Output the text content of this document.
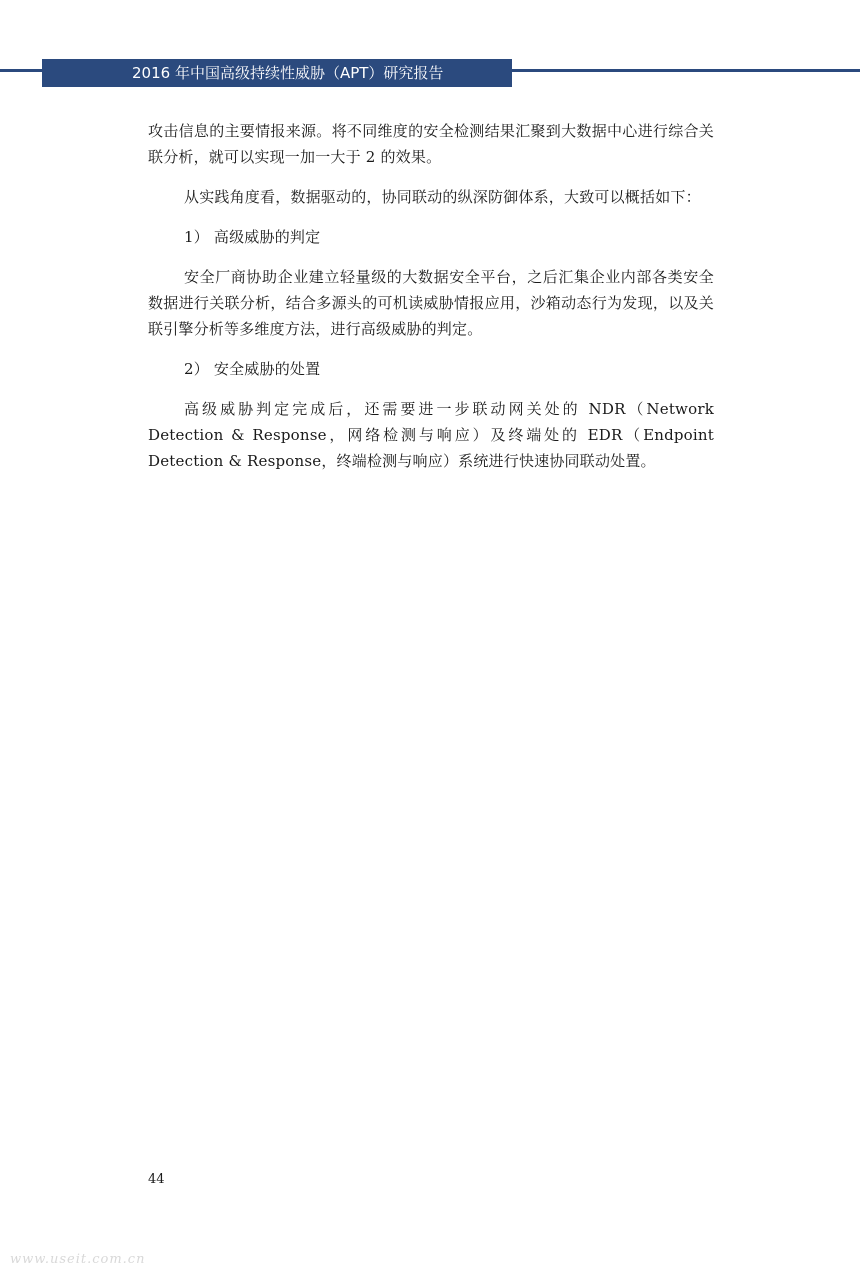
2016 年中国高级持续性威胁（APT）研究报告

攻击信息的主要情报来源。将不同维度的安全检测结果汇聚到大数据中心进行综合关联分析，就可以实现一加一大于 2 的效果。

从实践角度看，数据驱动的，协同联动的纵深防御体系，大致可以概括如下：

1） 高级威胁的判定

安全厂商协助企业建立轻量级的大数据安全平台，之后汇集企业内部各类安全数据进行关联分析，结合多源头的可机读威胁情报应用，沙箱动态行为发现，以及关联引擎分析等多维度方法，进行高级威胁的判定。

2） 安全威胁的处置

高级威胁判定完成后，还需要进一步联动网关处的 NDR（Network Detection & Response，网络检测与响应）及终端处的 EDR（Endpoint Detection & Response，终端检测与响应）系统进行快速协同联动处置。

44
www.useit.com.cn
